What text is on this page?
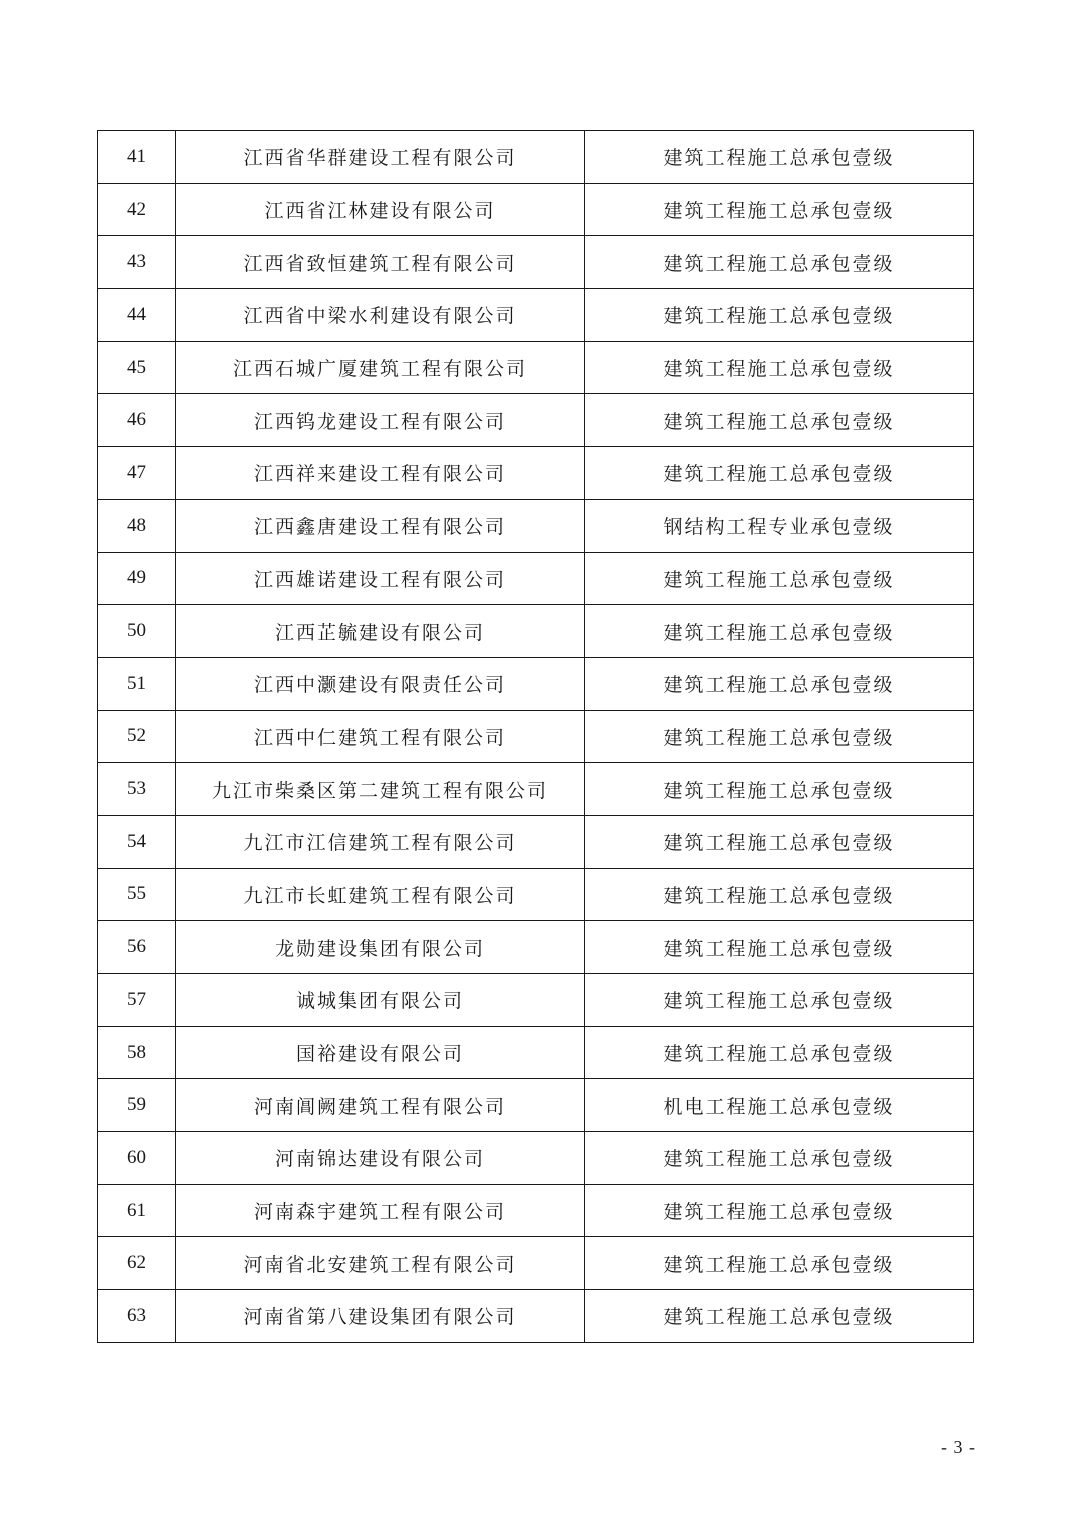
41	江西省华群建设工程有限公司	建筑工程施工总承包壹级
42	江西省江林建设有限公司	建筑工程施工总承包壹级
43	江西省致恒建筑工程有限公司	建筑工程施工总承包壹级
44	江西省中梁水利建设有限公司	建筑工程施工总承包壹级
45	江西石城广厦建筑工程有限公司	建筑工程施工总承包壹级
46	江西钨龙建设工程有限公司	建筑工程施工总承包壹级
47	江西祥来建设工程有限公司	建筑工程施工总承包壹级
48	江西鑫唐建设工程有限公司	钢结构工程专业承包壹级
49	江西雄诺建设工程有限公司	建筑工程施工总承包壹级
50	江西芷毓建设有限公司	建筑工程施工总承包壹级
51	江西中灏建设有限责任公司	建筑工程施工总承包壹级
52	江西中仁建筑工程有限公司	建筑工程施工总承包壹级
53	九江市柴桑区第二建筑工程有限公司	建筑工程施工总承包壹级
54	九江市江信建筑工程有限公司	建筑工程施工总承包壹级
55	九江市长虹建筑工程有限公司	建筑工程施工总承包壹级
56	龙勋建设集团有限公司	建筑工程施工总承包壹级
57	诚城集团有限公司	建筑工程施工总承包壹级
58	国裕建设有限公司	建筑工程施工总承包壹级
59	河南阊阙建筑工程有限公司	机电工程施工总承包壹级
60	河南锦达建设有限公司	建筑工程施工总承包壹级
61	河南森宇建筑工程有限公司	建筑工程施工总承包壹级
62	河南省北安建筑工程有限公司	建筑工程施工总承包壹级
63	河南省第八建设集团有限公司	建筑工程施工总承包壹级
- 3 -
